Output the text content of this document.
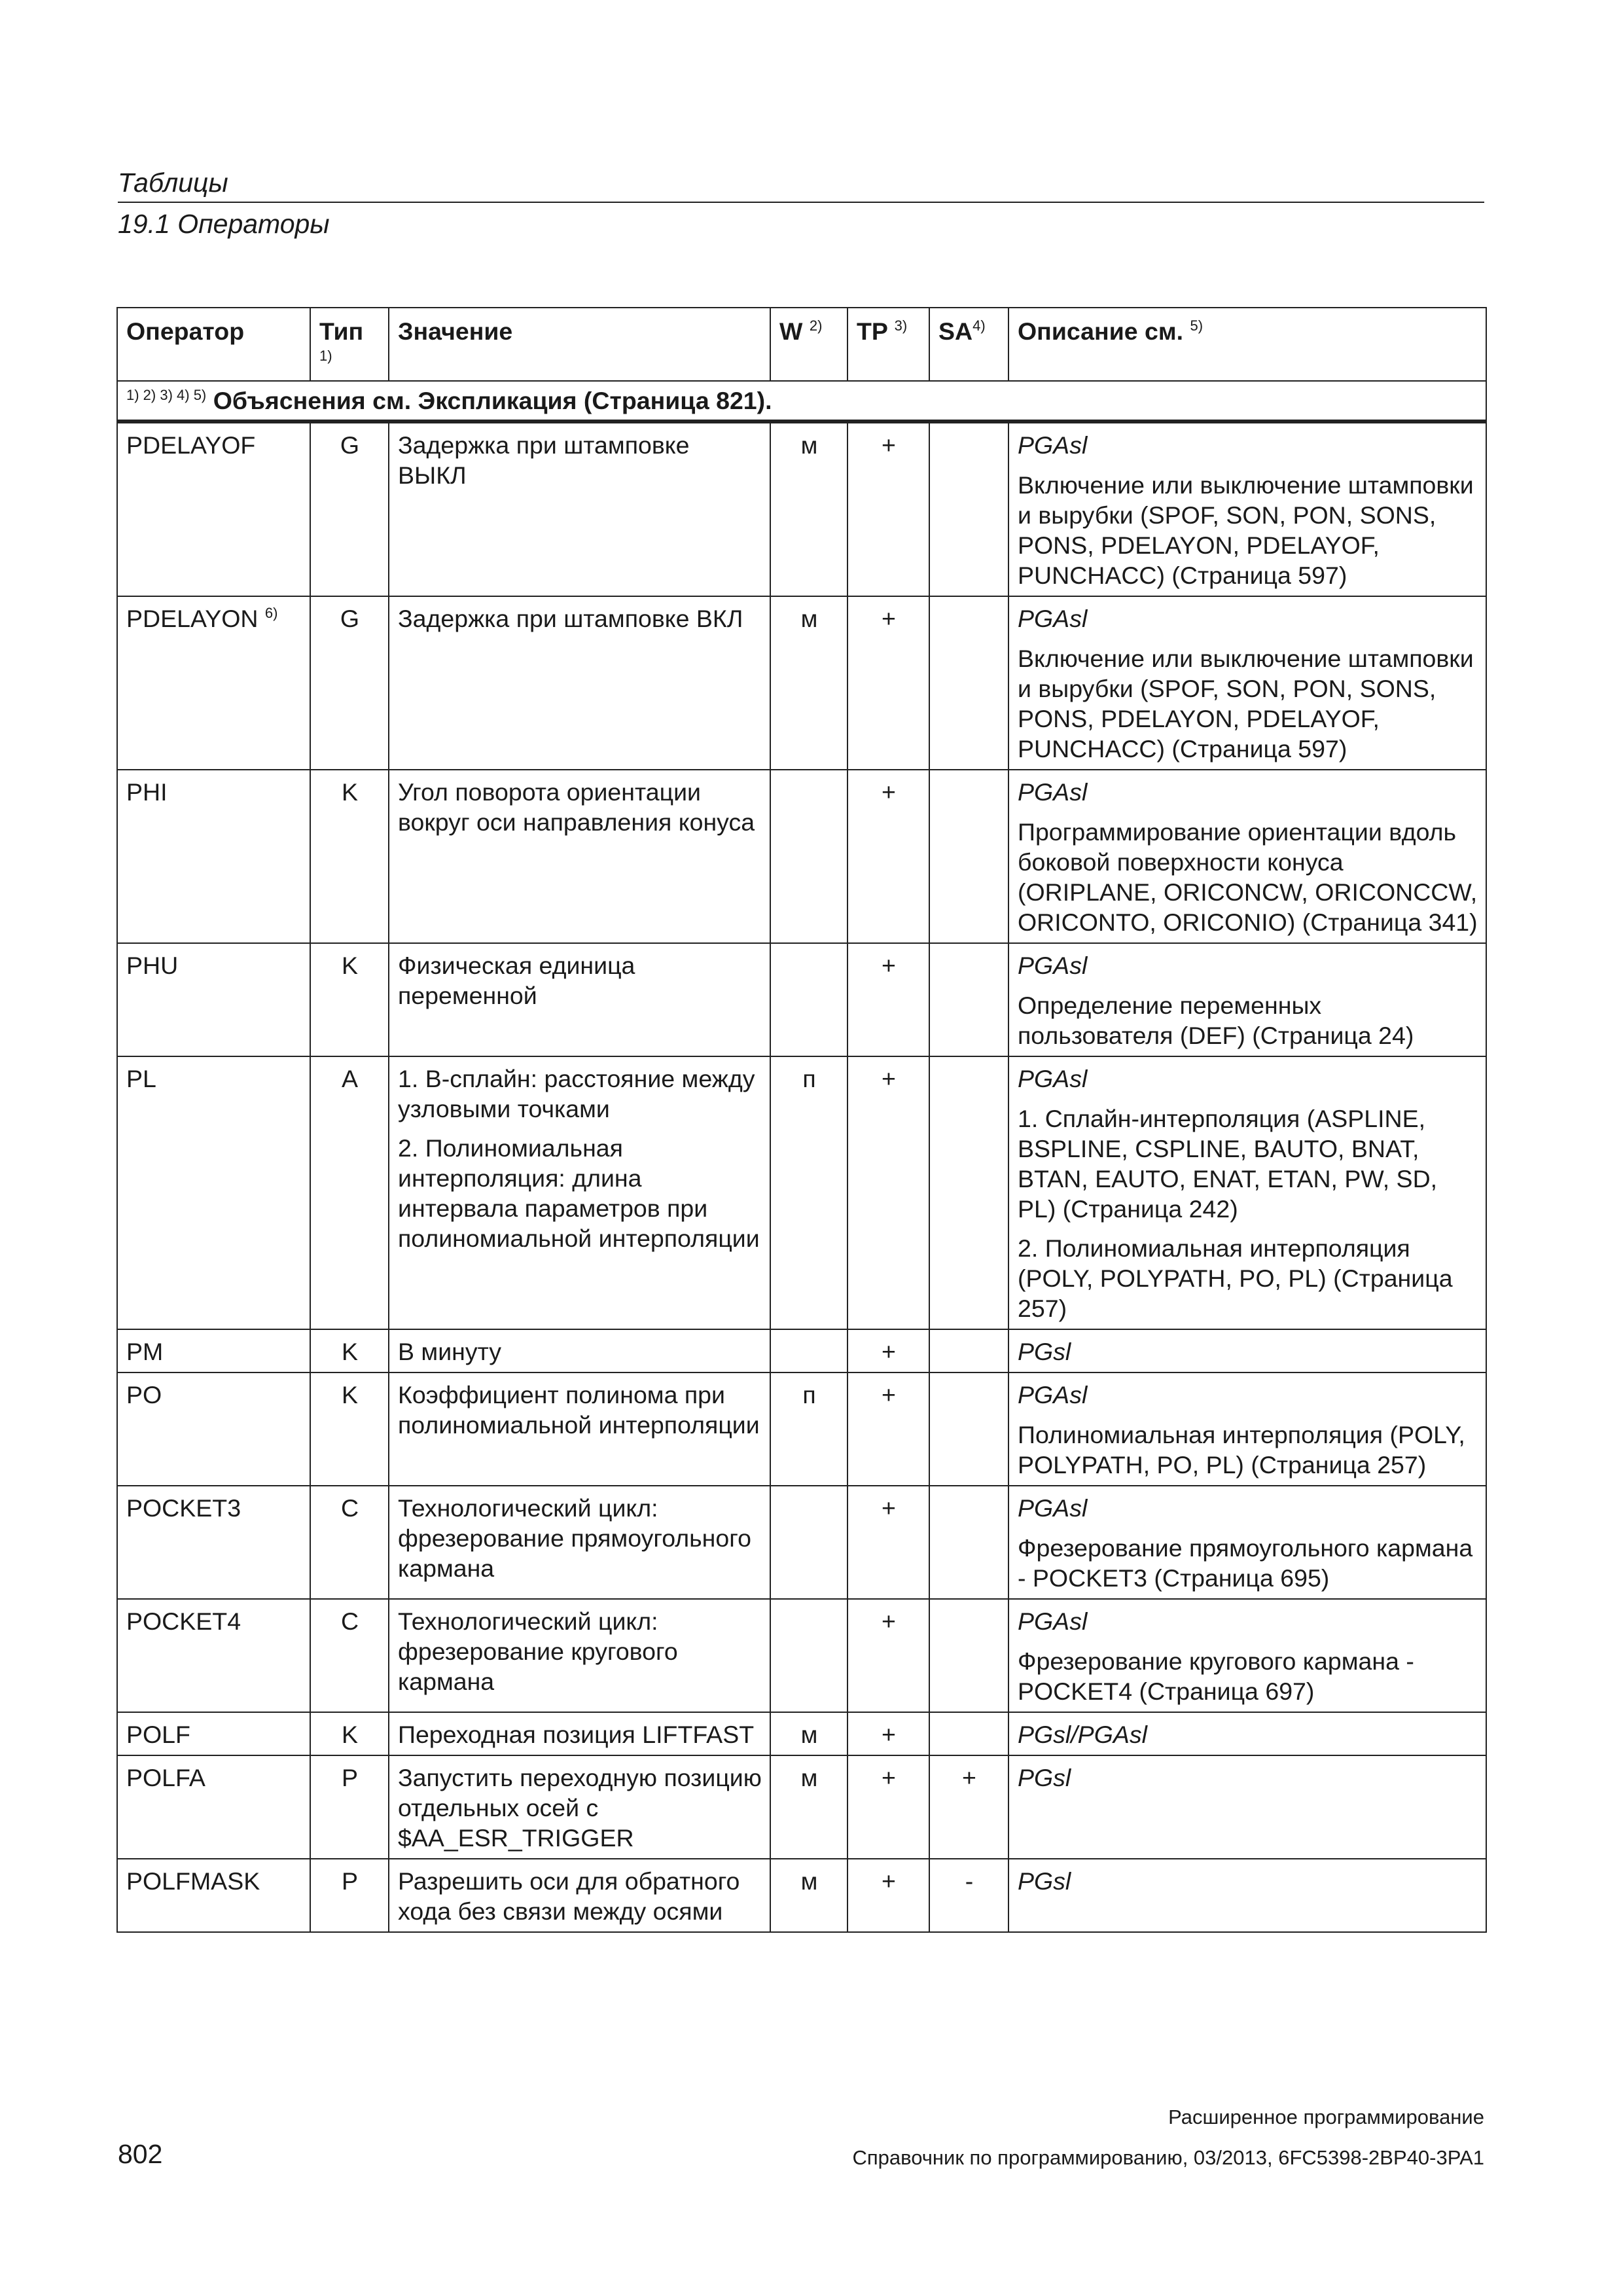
Таблицы
19.1 Операторы
Оператор	Тип $^{1)}$	Значение	W $^{2)}$	TP $^{3)}$	SA$^{4)}$	Описание см. $^{5)}$
$^{1) 2) 3) 4) 5)}$ Объяснения см. Экспликация (Страница 821).						
PDELAYOF	G	Задержка при штамповке ВЫКЛ	м	+		PGAsl
Включение или выключение штамповки и вырубки (SPOF, SON, PON, SONS, PONS, PDELAYON, PDELAYOF, PUNCHACC) (Страница 597)

PDELAYON $^{6)}$	G	Задержка при штамповке ВКЛ	м	+		PGAsl
Включение или выключение штамповки и вырубки (SPOF, SON, PON, SONS, PONS, PDELAYON, PDELAYOF, PUNCHACC) (Страница 597)

PHI	K	Угол поворота ориентации вокруг оси направления конуса		+		PGAsl
Программирование ориентации вдоль боковой поверхности конуса (ORIPLANE, ORICONCW, ORICONCCW, ORICONTO, ORICONIO) (Страница 341)

PHU	K	Физическая единица переменной		+		PGAsl
Определение переменных пользователя (DEF) (Страница 24)

PL	A	1. B-сплайн: расстояние между узловыми точками
2. Полиномиальная интерполяция: длина интервала параметров при полиномиальной интерполяции	п	+		PGAsl
1. Сплайн-интерполяция (ASPLINE, BSPLINE, CSPLINE, BAUTO, BNAT, BTAN, EAUTO, ENAT, ETAN, PW, SD, PL) (Страница 242)
2. Полиномиальная интерполяция (POLY, POLYPATH, PO, PL) (Страница 257)

PM	K	В минуту		+		PGsl

PO	K	Коэффициент полинома при полиномиальной интерполяции	п	+		PGAsl
Полиномиальная интерполяция (POLY, POLYPATH, PO, PL) (Страница 257)

POCKET3	C	Технологический цикл: фрезерование прямоугольного кармана		+		PGAsl
Фрезерование прямоугольного кармана - POCKET3 (Страница 695)

POCKET4	C	Технологический цикл: фрезерование кругового кармана		+		PGAsl
Фрезерование кругового кармана - POCKET4 (Страница 697)

POLF	K	Переходная позиция LIFTFAST	м	+		PGsl/PGAsl

POLFA	P	Запустить переходную позицию отдельных осей с $AA_ESR_TRIGGER	м	+	+	PGsl

POLFMASK	P	Разрешить оси для обратного хода без связи между осями	м	+	-	PGsl
Расширенное программирование
802	Справочник по программированию, 03/2013, 6FC5398-2BP40-3PA1
